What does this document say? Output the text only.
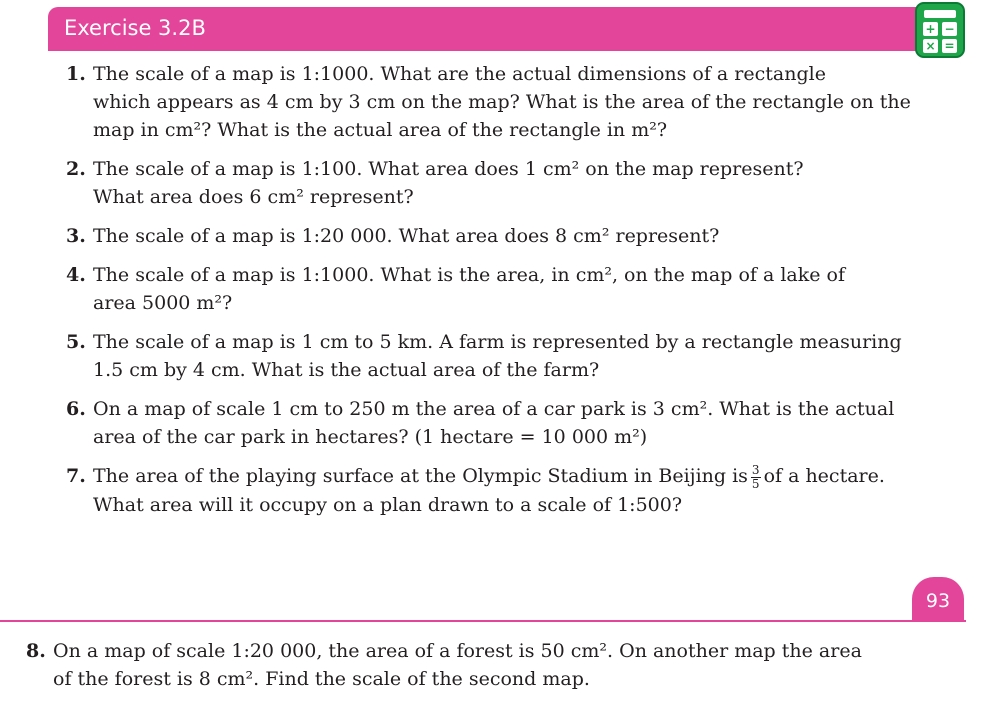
Exercise 3.2B	+ −
× =
1. The scale of a map is 1:1000. What are the actual dimensions of a rectangle
which appears as 4 cm by 3 cm on the map? What is the area of the rectangle on the
map in cm²? What is the actual area of the rectangle in m²?
2. The scale of a map is 1:100. What area does 1 cm² on the map represent?
What area does 6 cm² represent?
3. The scale of a map is 1:20 000. What area does 8 cm² represent?
4. The scale of a map is 1:1000. What is the area, in cm², on the map of a lake of
area 5000 m²?
5. The scale of a map is 1 cm to 5 km. A farm is represented by a rectangle measuring
1.5 cm by 4 cm. What is the actual area of the farm?
6. On a map of scale 1 cm to 250 m the area of a car park is 3 cm². What is the actual
area of the car park in hectares? (1 hectare = 10 000 m²)
7. The area of the playing surface at the Olympic Stadium in Beijing is $\frac{3}{5}$ of a hectare.
What area will it occupy on a plan drawn to a scale of 1:500?
93
8. On a map of scale 1:20 000, the area of a forest is 50 cm². On another map the area
of the forest is 8 cm². Find the scale of the second map.
